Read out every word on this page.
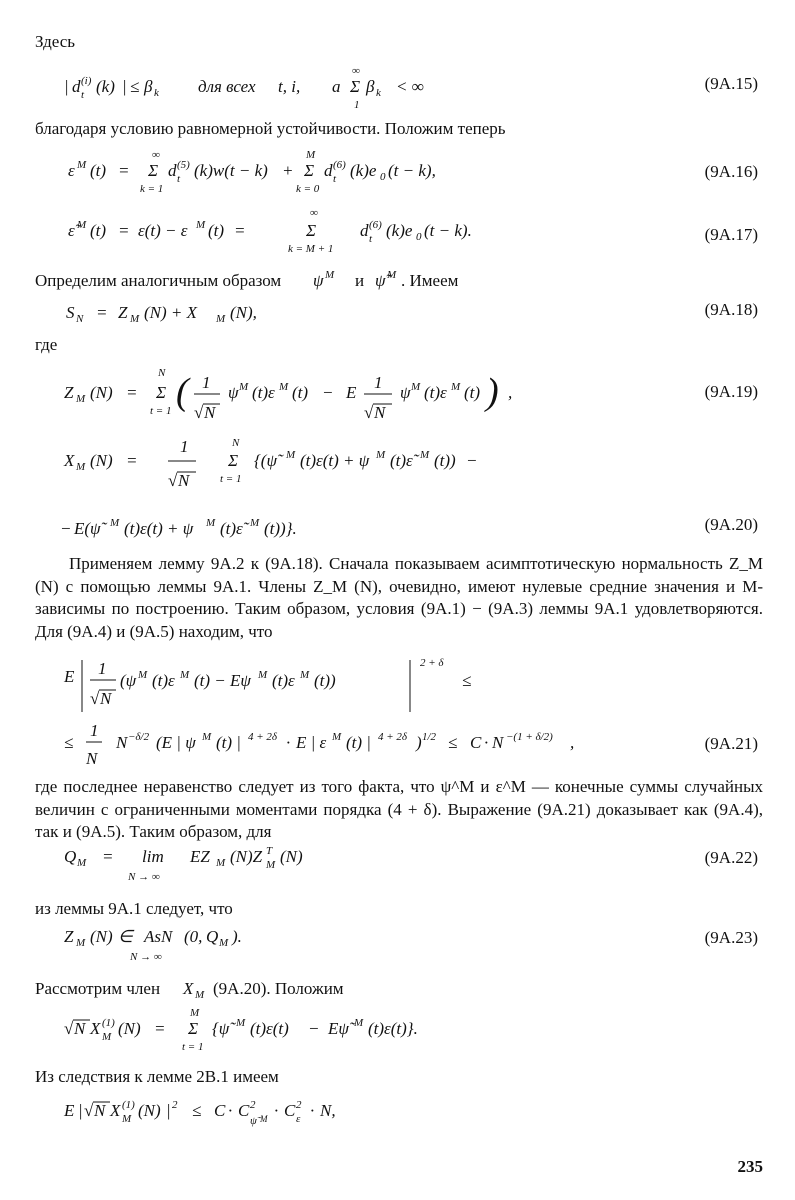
Здесь
| d (i)
t (k) | ≤ β k для всех t, i, а
∞
Σ
1
β k < ∞	(9А.15)
благодаря условию равномерной устойчивости. Положим теперь
ε M (t) =
∞
Σ
k = 1
d (5)
t (k)w(t − k) +
M
Σ
k = 0
d (6)
t (k)e 0 (t − k),	(9А.16)
ε̃ M (t) = ε(t) − ε M (t) =
∞
Σ
k = M + 1
d (6)
t (k)e 0 (t − k).	(9А.17)
Определим аналогичным образом ψ M и ψ̃ M . Имеем
S N = Z M (N) + X M (N),	(9А.18)
где
Z M (N) =
N
Σ
t = 1 ( 1
√ N
ψ M (t)ε M (t) − E
1
√ N
ψ M (t)ε M (t) ) ,	(9А.19)
X M (N) =
1
√ N
N
Σ
t = 1
{(ψ̃ M (t)ε(t) + ψ M (t)ε̃ M (t)) −
− E(ψ̃ M (t)ε(t) + ψ M (t)ε̃ M (t))}.	(9А.20)
Применяем лемму 9А.2 к (9А.18). Сначала показываем асимптотическую нормальность Z_M (N) с помощью леммы 9А.1. Члены Z_M (N), очевидно, имеют нулевые средние значения и M-зависимы по построению. Таким образом, условия (9А.1) − (9А.3) леммы 9А.1 удовлетворяются. Для (9А.4) и (9А.5) находим, что
E 1
√ N
(ψ M (t)ε M (t) − Eψ M (t)ε M (t))
2 + δ
≤
≤
1
N
N −δ/2 (E | ψ M (t) | 4 + 2δ · E | ε M (t) | 4 + 2δ ) 1/2 ≤ C · N −(1 + δ/2) ,	(9А.21)
где последнее неравенство следует из того факта, что ψ^M и ε^M — конечные суммы случайных величин с ограниченными моментами порядка (4 + δ). Выражение (9А.21) доказывает как (9А.4), так и (9А.5). Таким образом, для
Q M = lim
N → ∞
EZ M (N)Z T
M (N)	(9А.22)
из леммы 9А.1 следует, что
Z M (N) ∈ AsN
N → ∞
(0, Q M ).	(9А.23)
Рассмотрим член X M (9А.20). Положим
√ N X (1)
M (N) =
M
Σ
t = 1
{ψ̃ M (t)ε(t) − Eψ̃ M (t)ε(t)}.
Из следствия к лемме 2В.1 имеем
E | √ N X (1)
M (N) | 2 ≤ C · C 2
ψ̃ M · C 2
ε · N,
235
